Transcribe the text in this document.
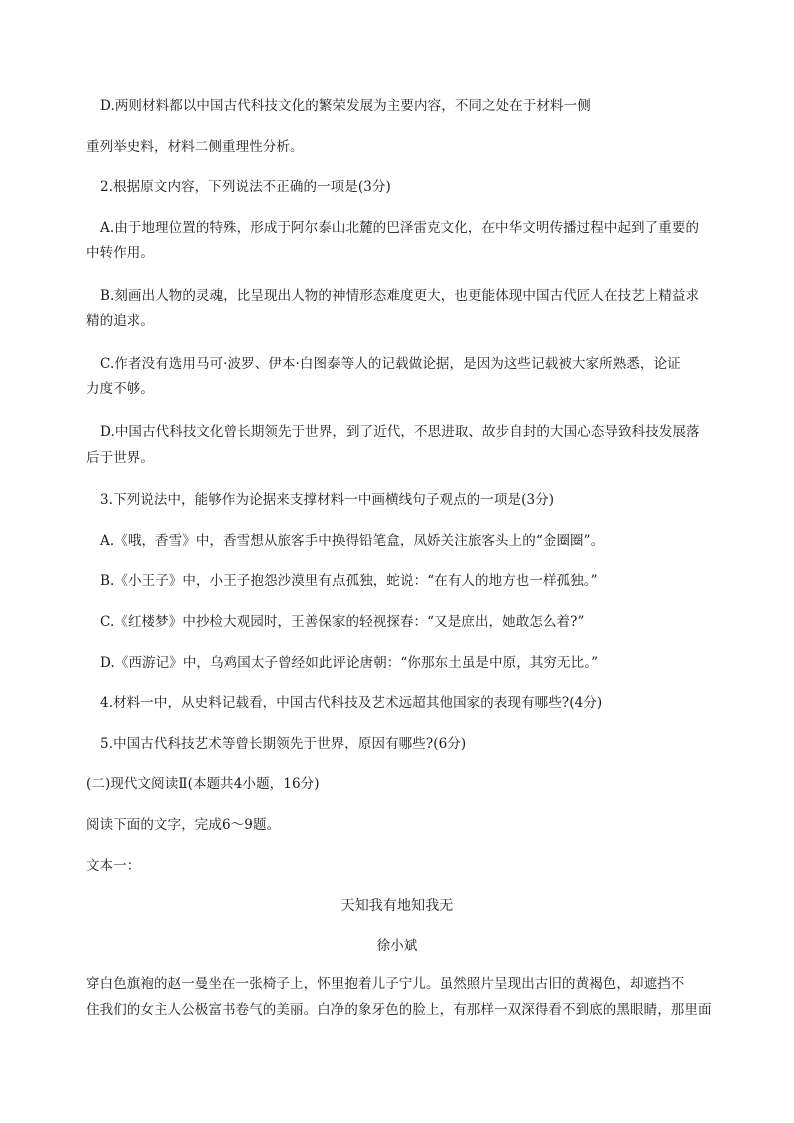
D.两则材料都以中国古代科技文化的繁荣发展为主要内容，不同之处在于材料一侧
重列举史料，材料二侧重理性分析。
2.根据原文内容，下列说法不正确的一项是(3分)
A.由于地理位置的特殊，形成于阿尔泰山北麓的巴泽雷克文化，在中华文明传播过程中起到了重要的
中转作用。
B.刻画出人物的灵魂，比呈现出人物的神情形态难度更大，也更能体现中国古代匠人在技艺上精益求
精的追求。
C.作者没有选用马可·波罗、伊本·白图泰等人的记载做论据，是因为这些记载被大家所熟悉，论证
力度不够。
D.中国古代科技文化曾长期领先于世界，到了近代，不思进取、故步自封的大国心态导致科技发展落
后于世界。
3.下列说法中，能够作为论据来支撑材料一中画横线句子观点的一项是(3分)
A.《哦，香雪》中，香雪想从旅客手中换得铅笔盒，凤娇关注旅客头上的“金圈圈”。
B.《小王子》中，小王子抱怨沙漠里有点孤独，蛇说：“在有人的地方也一样孤独。”
C.《红楼梦》中抄检大观园时，王善保家的轻视探春：“又是庶出，她敢怎么着?”
D.《西游记》中，乌鸡国太子曾经如此评论唐朝：“你那东土虽是中原，其穷无比。”
4.材料一中，从史料记载看，中国古代科技及艺术远超其他国家的表现有哪些?(4分)
5.中国古代科技艺术等曾长期领先于世界，原因有哪些?(6分)
(二)现代文阅读Ⅱ(本题共4小题，16分)
阅读下面的文字，完成6～9题。
文本一：
天知我有地知我无
徐小斌
穿白色旗袍的赵一曼坐在一张椅子上，怀里抱着儿子宁儿。虽然照片呈现出古旧的黄褐色，却遮挡不
住我们的女主人公极富书卷气的美丽。白净的象牙色的脸上，有那样一双深得看不到底的黑眼睛，那里面
